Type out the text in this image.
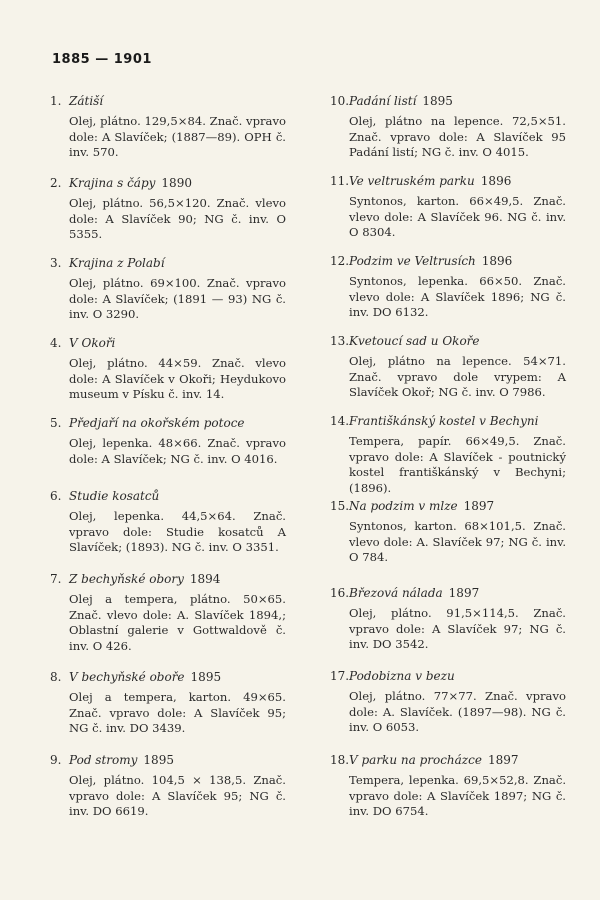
1885 — 1901
1. Zátiší
Olej, plátno. 129,5×84. Znač. vpravo dole: A Slavíček; (1887—89). OPH č. inv. 570.
2. Krajina s čápy 1890
Olej, plátno. 56,5×120. Znač. vlevo dole: A Slavíček 90; NG č. inv. O 5355.
3. Krajina z Polabí
Olej, plátno. 69×100. Znač. vpravo dole: A Slavíček; (1891 — 93) NG č. inv. O 3290.
4. V Okoři
Olej, plátno. 44×59. Znač. vlevo dole: A Slavíček v Okoři; Heydukovo museum v Písku č. inv. 14.
5. Předjaří na okořském potoce
Olej, lepenka. 48×66. Znač. vpravo dole: A Slavíček; NG č. inv. O 4016.
6. Studie kosatců
Olej, lepenka. 44,5×64. Znač. vpravo dole: Studie kosatců A Slavíček; (1893). NG č. inv. O 3351.
7. Z bechyňské obory 1894
Olej a tempera, plátno. 50×65. Znač. vlevo dole: A. Slavíček 1894,; Oblastní galerie v Gottwaldově č. inv. O 426.
8. V bechyňské oboře 1895
Olej a tempera, karton. 49×65. Znač. vpravo dole: A Slavíček 95; NG č. inv. DO 3439.
9. Pod stromy 1895
Olej, plátno. 104,5 × 138,5. Znač. vpravo dole: A Slavíček 95; NG č. inv. DO 6619.
10. Padání listí 1895
Olej, plátno na lepence. 72,5×51. Znač. vpravo dole: A Slavíček 95 Padání listí; NG č. inv. O 4015.
11. Ve veltruském parku 1896
Syntonos, karton. 66×49,5. Znač. vlevo dole: A Slavíček 96. NG č. inv. O 8304.
12. Podzim ve Veltrusích 1896
Syntonos, lepenka. 66×50. Znač. vlevo dole: A Slavíček 1896; NG č. inv. DO 6132.
13. Kvetoucí sad u Okoře
Olej, plátno na lepence. 54×71. Znač. vpravo dole vrypem: A Slavíček Okoř; NG č. inv. O 7986.
14. Františkánský kostel v Bechyni
Tempera, papír. 66×49,5. Znač. vpravo dole: A Slavíček - poutnický kostel františkánský v Bechyni; (1896).
15. Na podzim v mlze 1897
Syntonos, karton. 68×101,5. Znač. vlevo dole: A. Slavíček 97; NG č. inv. O 784.
16. Březová nálada 1897
Olej, plátno. 91,5×114,5. Znač. vpravo dole: A Slavíček 97; NG č. inv. DO 3542.
17. Podobizna v bezu
Olej, plátno. 77×77. Znač. vpravo dole: A. Slavíček. (1897—98). NG č. inv. O 6053.
18. V parku na procházce 1897
Tempera, lepenka. 69,5×52,8. Znač. vpravo dole: A Slavíček 1897; NG č. inv. DO 6754.
